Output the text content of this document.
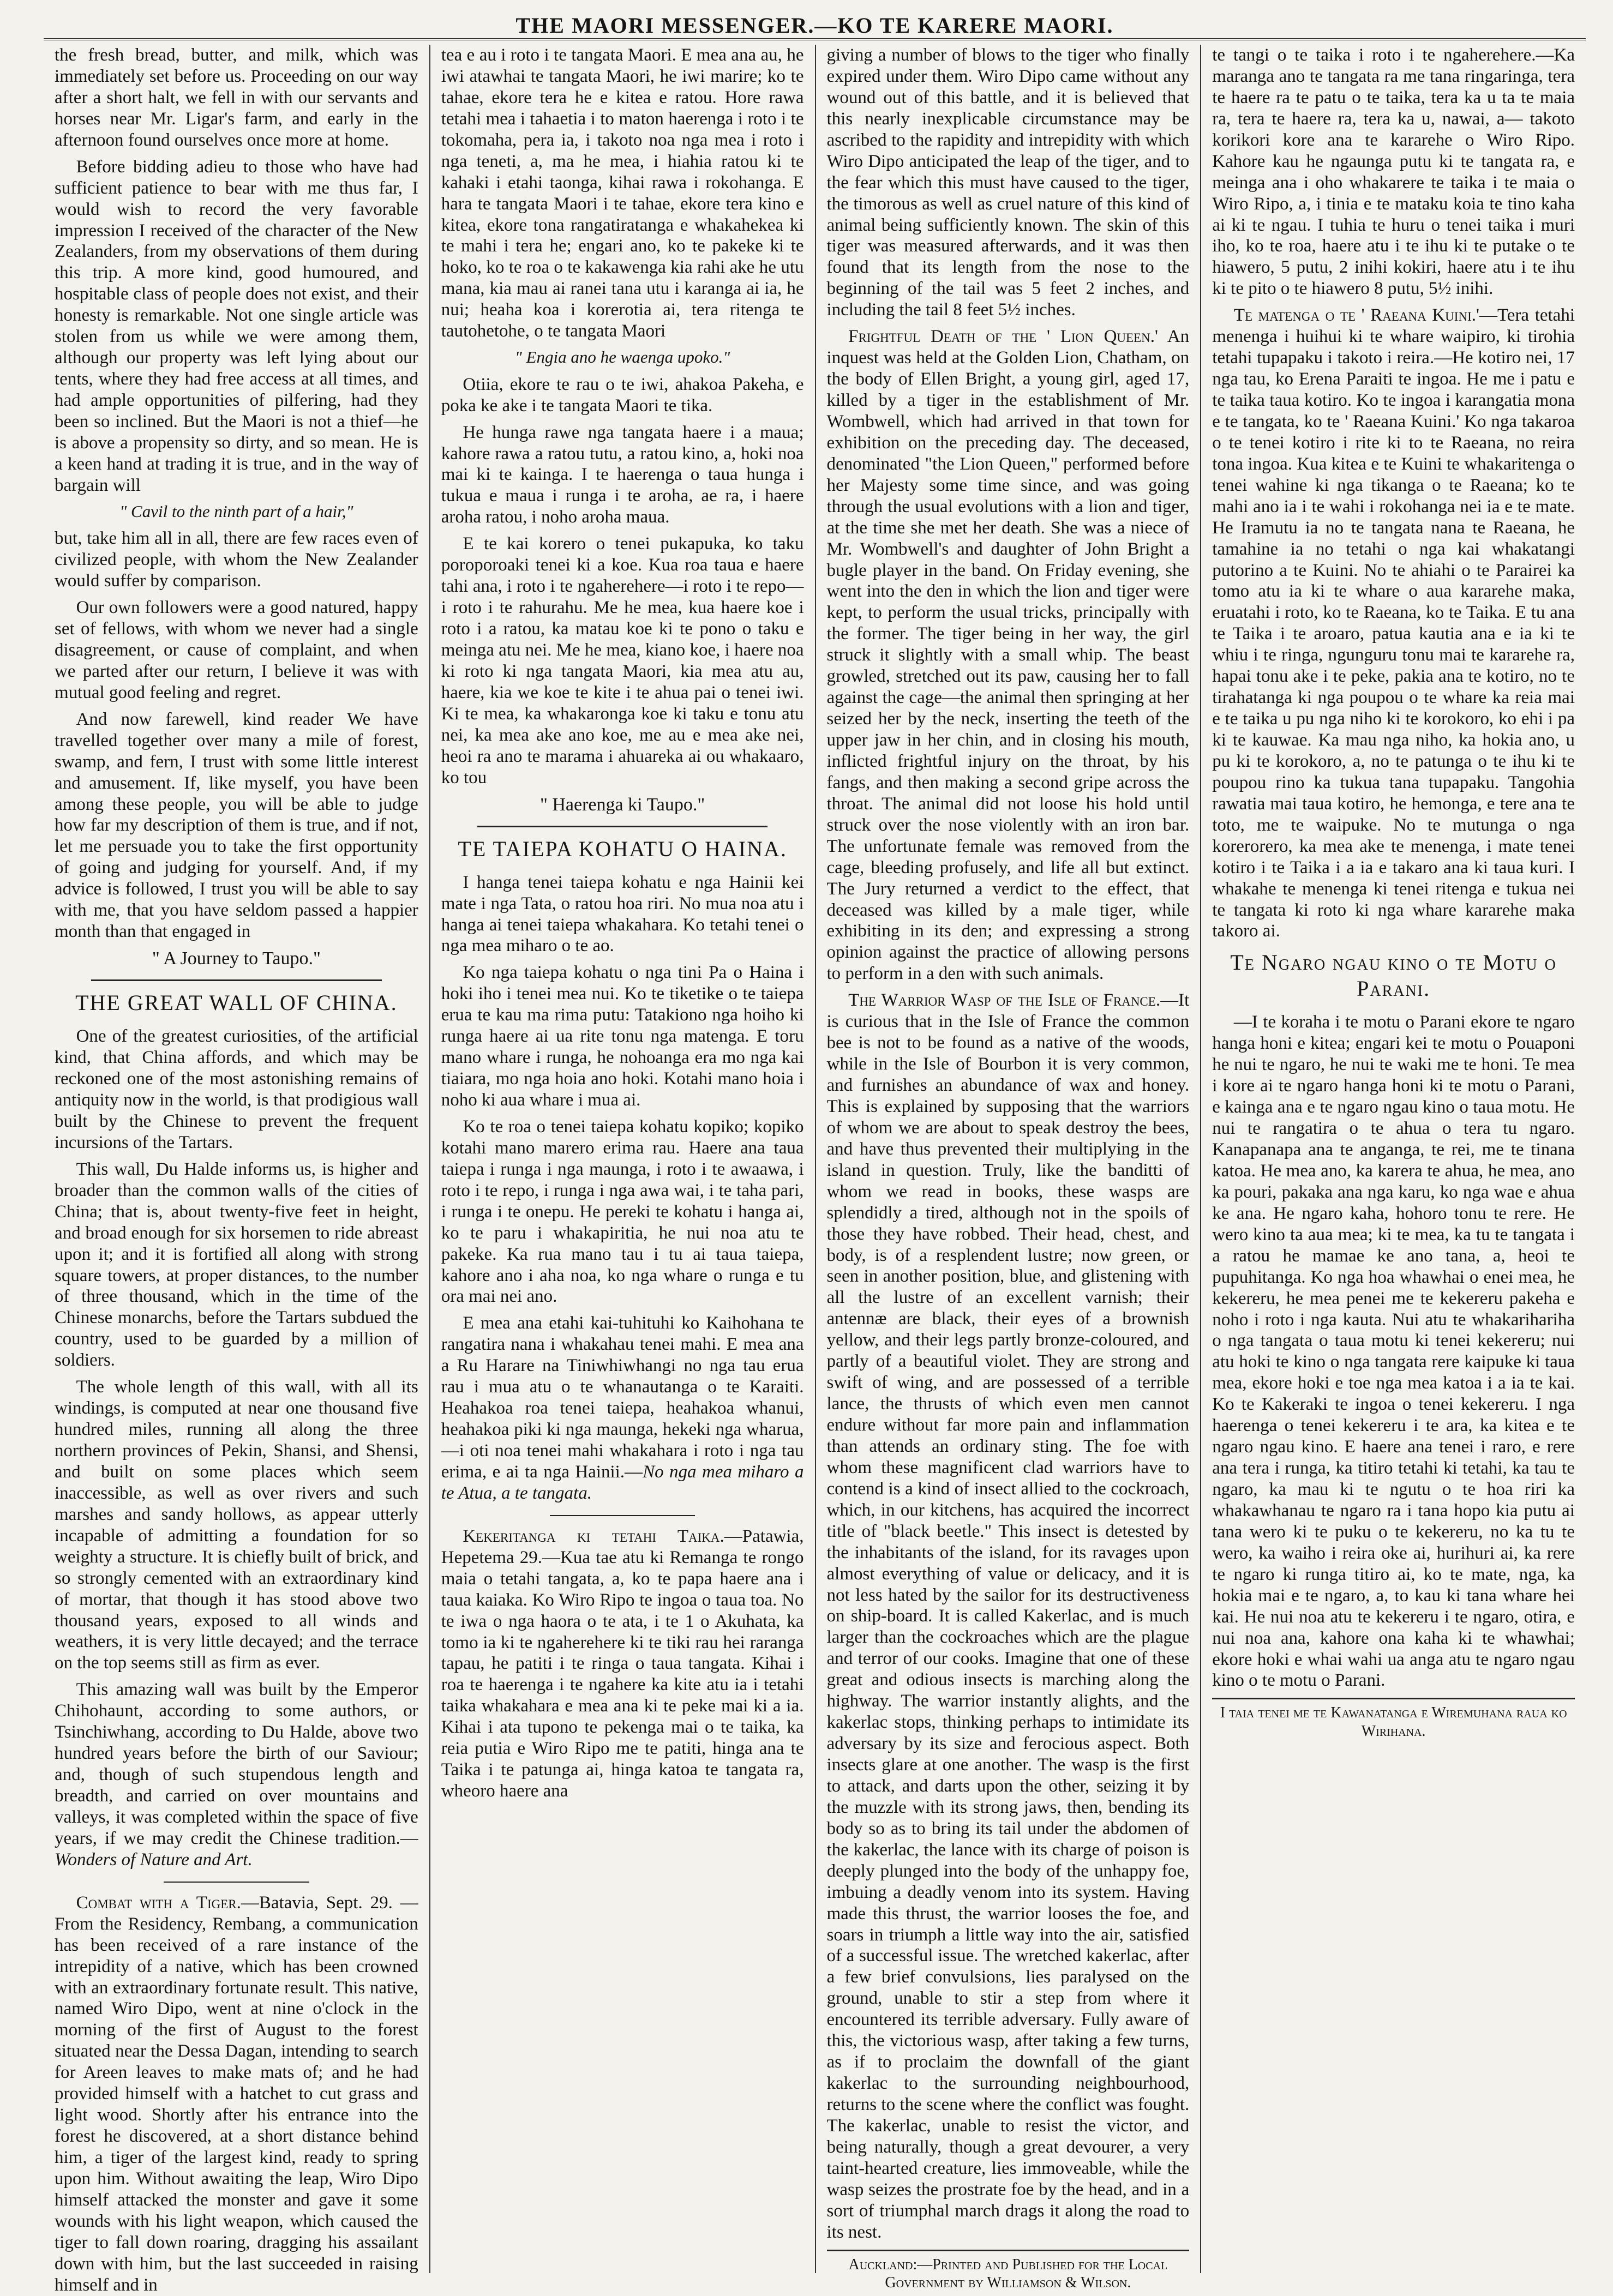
THE MAORI MESSENGER.—KO TE KARERE MAORI.

the fresh bread, butter, and milk, which was immediately set before us. Proceeding on our way after a short halt, we fell in with our servants and horses near Mr. Ligar's farm, and early in the afternoon found ourselves once more at home.

Before bidding adieu to those who have had sufficient patience to bear with me thus far, I would wish to record the very favorable impression I received of the character of the New Zealanders, from my observations of them during this trip. A more kind, good humoured, and hospitable class of people does not exist, and their honesty is remarkable. Not one single article was stolen from us while we were among them, although our property was left lying about our tents, where they had free access at all times, and had ample opportunities of pilfering, had they been so inclined. But the Maori is not a thief—he is above a propensity so dirty, and so mean. He is a keen hand at trading it is true, and in the way of bargain will

" Cavil to the ninth part of a hair,"

but, take him all in all, there are few races even of civilized people, with whom the New Zealander would suffer by comparison.

Our own followers were a good natured, happy set of fellows, with whom we never had a single disagreement, or cause of complaint, and when we parted after our return, I believe it was with mutual good feeling and regret.

And now farewell, kind reader We have travelled together over many a mile of forest, swamp, and fern, I trust with some little interest and amusement. If, like myself, you have been among these people, you will be able to judge how far my description of them is true, and if not, let me persuade you to take the first opportunity of going and judging for yourself. And, if my advice is followed, I trust you will be able to say with me, that you have seldom passed a happier month than that engaged in

" A Journey to Taupo."

THE GREAT WALL OF CHINA.

One of the greatest curiosities, of the artificial kind, that China affords, and which may be reckoned one of the most astonishing remains of antiquity now in the world, is that prodigious wall built by the Chinese to prevent the frequent incursions of the Tartars.

This wall, Du Halde informs us, is higher and broader than the common walls of the cities of China; that is, about twenty-five feet in height, and broad enough for six horsemen to ride abreast upon it; and it is fortified all along with strong square towers, at proper distances, to the number of three thousand, which in the time of the Chinese monarchs, before the Tartars subdued the country, used to be guarded by a million of soldiers.

The whole length of this wall, with all its windings, is computed at near one thousand five hundred miles, running all along the three northern provinces of Pekin, Shansi, and Shensi, and built on some places which seem inaccessible, as well as over rivers and such marshes and sandy hollows, as appear utterly incapable of admitting a foundation for so weighty a structure. It is chiefly built of brick, and so strongly cemented with an extraordinary kind of mortar, that though it has stood above two thousand years, exposed to all winds and weathers, it is very little decayed; and the terrace on the top seems still as firm as ever.

This amazing wall was built by the Emperor Chihohaunt, according to some authors, or Tsinchiwhang, according to Du Halde, above two hundred years before the birth of our Saviour; and, though of such stupendous length and breadth, and carried on over mountains and valleys, it was completed within the space of five years, if we may credit the Chinese tradition.—Wonders of Nature and Art.

Combat with a Tiger.—Batavia, Sept. 29. —From the Residency, Rembang, a communication has been received of a rare instance of the intrepidity of a native, which has been crowned with an extraordinary fortunate result. This native, named Wiro Dipo, went at nine o'clock in the morning of the first of August to the forest situated near the Dessa Dagan, intending to search for Areen leaves to make mats of; and he had provided himself with a hatchet to cut grass and light wood. Shortly after his entrance into the forest he discovered, at a short distance behind him, a tiger of the largest kind, ready to spring upon him. Without awaiting the leap, Wiro Dipo himself attacked the monster and gave it some wounds with his light weapon, which caused the tiger to fall down roaring, dragging his assailant down with him, but the last succeeded in raising himself and in

tea e au i roto i te tangata Maori. E mea ana au, he iwi atawhai te tangata Maori, he iwi marire; ko te tahae, ekore tera he e kitea e ratou. Hore rawa tetahi mea i tahaetia i to maton haerenga i roto i te tokomaha, pera ia, i takoto noa nga mea i roto i nga teneti, a, ma he mea, i hiahia ratou ki te kahaki i etahi taonga, kihai rawa i rokohanga. E hara te tangata Maori i te tahae, ekore tera kino e kitea, ekore tona rangatiratanga e whakahekea ki te mahi i tera he; engari ano, ko te pakeke ki te hoko, ko te roa o te kakawenga kia rahi ake he utu mana, kia mau ai ranei tana utu i karanga ai ia, he nui; heaha koa i korerotia ai, tera ritenga te tautohetohe, o te tangata Maori

" Engia ano he waenga upoko."

Otiia, ekore te rau o te iwi, ahakoa Pakeha, e poka ke ake i te tangata Maori te tika.

He hunga rawe nga tangata haere i a maua; kahore rawa a ratou tutu, a ratou kino, a, hoki noa mai ki te kainga. I te haerenga o taua hunga i tukua e maua i runga i te aroha, ae ra, i haere aroha ratou, i noho aroha maua.

E te kai korero o tenei pukapuka, ko taku poroporoaki tenei ki a koe. Kua roa taua e haere tahi ana, i roto i te ngaherehere—i roto i te repo—i roto i te rahurahu. Me he mea, kua haere koe i roto i a ratou, ka matau koe ki te pono o taku e meinga atu nei. Me he mea, kiano koe, i haere noa ki roto ki nga tangata Maori, kia mea atu au, haere, kia we koe te kite i te ahua pai o tenei iwi. Ki te mea, ka whakaronga koe ki taku e tonu atu nei, ka mea ake ano koe, me au e mea ake nei, heoi ra ano te marama i ahuareka ai ou whakaaro, ko tou

" Haerenga ki Taupo."

TE TAIEPA KOHATU O HAINA.

I hanga tenei taiepa kohatu e nga Hainii kei mate i nga Tata, o ratou hoa riri. No mua noa atu i hanga ai tenei taiepa whakahara. Ko tetahi tenei o nga mea miharo o te ao.

Ko nga taiepa kohatu o nga tini Pa o Haina i hoki iho i tenei mea nui. Ko te tiketike o te taiepa erua te kau ma rima putu: Tatakiono nga hoiho ki runga haere ai ua rite tonu nga matenga. E toru mano whare i runga, he nohoanga era mo nga kai tiaiara, mo nga hoia ano hoki. Kotahi mano hoia i noho ki aua whare i mua ai.

Ko te roa o tenei taiepa kohatu kopiko; kopiko kotahi mano marero erima rau. Haere ana taua taiepa i runga i nga maunga, i roto i te awaawa, i roto i te repo, i runga i nga awa wai, i te taha pari, i runga i te onepu. He pereki te kohatu i hanga ai, ko te paru i whakapiritia, he nui noa atu te pakeke. Ka rua mano tau i tu ai taua taiepa, kahore ano i aha noa, ko nga whare o runga e tu ora mai nei ano.

E mea ana etahi kai-tuhituhi ko Kaihohana te rangatira nana i whakahau tenei mahi. E mea ana a Ru Harare na Tiniwhiwhangi no nga tau erua rau i mua atu o te whanautanga o te Karaiti. Heahakoa roa tenei taiepa, heahakoa whanui, heahakoa piki ki nga maunga, hekeki nga wharua,—i oti noa tenei mahi whakahara i roto i nga tau erima, e ai ta nga Hainii.—No nga mea miharo a te Atua, a te tangata.

Kekeritanga ki tetahi Taika.—Patawia, Hepetema 29.—Kua tae atu ki Remanga te rongo maia o tetahi tangata, a, ko te papa haere ana i taua kaiaka. Ko Wiro Ripo te ingoa o taua toa. No te iwa o nga haora o te ata, i te 1 o Akuhata, ka tomo ia ki te ngaherehere ki te tiki rau hei raranga tapau, he patiti i te ringa o taua tangata. Kihai i roa te haerenga i te ngahere ka kite atu ia i tetahi taika whakahara e mea ana ki te peke mai ki a ia. Kihai i ata tupono te pekenga mai o te taika, ka reia putia e Wiro Ripo me te patiti, hinga ana te Taika i te patunga ai, hinga katoa te tangata ra, wheoro haere ana

giving a number of blows to the tiger who finally expired under them. Wiro Dipo came without any wound out of this battle, and it is believed that this nearly inexplicable circumstance may be ascribed to the rapidity and intrepidity with which Wiro Dipo anticipated the leap of the tiger, and to the fear which this must have caused to the tiger, the timorous as well as cruel nature of this kind of animal being sufficiently known. The skin of this tiger was measured afterwards, and it was then found that its length from the nose to the beginning of the tail was 5 feet 2 inches, and including the tail 8 feet 5½ inches.

Frightful Death of the ' Lion Queen.' An inquest was held at the Golden Lion, Chatham, on the body of Ellen Bright, a young girl, aged 17, killed by a tiger in the establishment of Mr. Wombwell, which had arrived in that town for exhibition on the preceding day. The deceased, denominated "the Lion Queen," performed before her Majesty some time since, and was going through the usual evolutions with a lion and tiger, at the time she met her death. She was a niece of Mr. Wombwell's and daughter of John Bright a bugle player in the band. On Friday evening, she went into the den in which the lion and tiger were kept, to perform the usual tricks, principally with the former. The tiger being in her way, the girl struck it slightly with a small whip. The beast growled, stretched out its paw, causing her to fall against the cage—the animal then springing at her seized her by the neck, inserting the teeth of the upper jaw in her chin, and in closing his mouth, inflicted frightful injury on the throat, by his fangs, and then making a second gripe across the throat. The animal did not loose his hold until struck over the nose violently with an iron bar. The unfortunate female was removed from the cage, bleeding profusely, and life all but extinct. The Jury returned a verdict to the effect, that deceased was killed by a male tiger, while exhibiting in its den; and expressing a strong opinion against the practice of allowing persons to perform in a den with such animals.

The Warrior Wasp of the Isle of France.—It is curious that in the Isle of France the common bee is not to be found as a native of the woods, while in the Isle of Bourbon it is very common, and furnishes an abundance of wax and honey. This is explained by supposing that the warriors of whom we are about to speak destroy the bees, and have thus prevented their multiplying in the island in question. Truly, like the banditti of whom we read in books, these wasps are splendidly a tired, although not in the spoils of those they have robbed. Their head, chest, and body, is of a resplendent lustre; now green, or seen in another position, blue, and glistening with all the lustre of an excellent varnish; their antennæ are black, their eyes of a brownish yellow, and their legs partly bronze-coloured, and partly of a beautiful violet. They are strong and swift of wing, and are possessed of a terrible lance, the thrusts of which even men cannot endure without far more pain and inflammation than attends an ordinary sting. The foe with whom these magnificent clad warriors have to contend is a kind of insect allied to the cockroach, which, in our kitchens, has acquired the incorrect title of "black beetle." This insect is detested by the inhabitants of the island, for its ravages upon almost everything of value or delicacy, and it is not less hated by the sailor for its destructiveness on ship-board. It is called Kakerlac, and is much larger than the cockroaches which are the plague and terror of our cooks. Imagine that one of these great and odious insects is marching along the highway. The warrior instantly alights, and the kakerlac stops, thinking perhaps to intimidate its adversary by its size and ferocious aspect. Both insects glare at one another. The wasp is the first to attack, and darts upon the other, seizing it by the muzzle with its strong jaws, then, bending its body so as to bring its tail under the abdomen of the kakerlac, the lance with its charge of poison is deeply plunged into the body of the unhappy foe, imbuing a deadly venom into its system. Having made this thrust, the warrior looses the foe, and soars in triumph a little way into the air, satisfied of a successful issue. The wretched kakerlac, after a few brief convulsions, lies paralysed on the ground, unable to stir a step from where it encountered its terrible adversary. Fully aware of this, the victorious wasp, after taking a few turns, as if to proclaim the downfall of the giant kakerlac to the surrounding neighbourhood, returns to the scene where the conflict was fought. The kakerlac, unable to resist the victor, and being naturally, though a great devourer, a very taint-hearted creature, lies immoveable, while the wasp seizes the prostrate foe by the head, and in a sort of triumphal march drags it along the road to its nest.

Auckland:—Printed and Published for the Local Government by Williamson & Wilson.

te tangi o te taika i roto i te ngaherehere.—Ka maranga ano te tangata ra me tana ringaringa, tera te haere ra te patu o te taika, tera ka u ta te maia ra, tera te haere ra, tera ka u, nawai, a— takoto korikori kore ana te kararehe o Wiro Ripo. Kahore kau he ngaunga putu ki te tangata ra, e meinga ana i oho whakarere te taika i te maia o Wiro Ripo, a, i tinia e te mataku koia te tino kaha ai ki te ngau. I tuhia te huru o tenei taika i muri iho, ko te roa, haere atu i te ihu ki te putake o te hiawero, 5 putu, 2 inihi kokiri, haere atu i te ihu ki te pito o te hiawero 8 putu, 5½ inihi.

Te matenga o te ' Raeana Kuini.'—Tera tetahi menenga i huihui ki te whare waipiro, ki tirohia tetahi tupapaku i takoto i reira.—He kotiro nei, 17 nga tau, ko Erena Paraiti te ingoa. He me i patu e te taika taua kotiro. Ko te ingoa i karangatia mona e te tangata, ko te ' Raeana Kuini.' Ko nga takaroa o te tenei kotiro i rite ki to te Raeana, no reira tona ingoa. Kua kitea e te Kuini te whakaritenga o tenei wahine ki nga tikanga o te Raeana; ko te mahi ano ia i te wahi i rokohanga nei ia e te mate. He Iramutu ia no te tangata nana te Raeana, he tamahine ia no tetahi o nga kai whakatangi putorino a te Kuini. No te ahiahi o te Parairei ka tomo atu ia ki te whare o aua kararehe maka, eruatahi i roto, ko te Raeana, ko te Taika. E tu ana te Taika i te aroaro, patua kautia ana e ia ki te whiu i te ringa, ngunguru tonu mai te kararehe ra, hapai tonu ake i te peke, pakia ana te kotiro, no te tirahatanga ki nga poupou o te whare ka reia mai e te taika u pu nga niho ki te korokoro, ko ehi i pa ki te kauwae. Ka mau nga niho, ka hokia ano, u pu ki te korokoro, a, no te patunga o te ihu ki te poupou rino ka tukua tana tupapaku. Tangohia rawatia mai taua kotiro, he hemonga, e tere ana te toto, me te waipuke. No te mutunga o nga korerorero, ka mea ake te menenga, i mate tenei kotiro i te Taika i a ia e takaro ana ki taua kuri. I whakahe te menenga ki tenei ritenga e tukua nei te tangata ki roto ki nga whare kararehe maka takoro ai.

Te Ngaro ngau kino o te Motu o Parani.

—I te koraha i te motu o Parani ekore te ngaro hanga honi e kitea; engari kei te motu o Pouaponi he nui te ngaro, he nui te waki me te honi. Te mea i kore ai te ngaro hanga honi ki te motu o Parani, e kainga ana e te ngaro ngau kino o taua motu. He nui te rangatira o te ahua o tera tu ngaro. Kanapanapa ana te anganga, te rei, me te tinana katoa. He mea ano, ka karera te ahua, he mea, ano ka pouri, pakaka ana nga karu, ko nga wae e ahua ke ana. He ngaro kaha, hohoro tonu te rere. He wero kino ta aua mea; ki te mea, ka tu te tangata i a ratou he mamae ke ano tana, a, heoi te pupuhitanga. Ko nga hoa whawhai o enei mea, he kekereru, he mea penei me te kekereru pakeha e noho i roto i nga kauta. Nui atu te whakarihariha o nga tangata o taua motu ki tenei kekereru; nui atu hoki te kino o nga tangata rere kaipuke ki taua mea, ekore hoki e toe nga mea katoa i a ia te kai. Ko te Kakeraki te ingoa o tenei kekereru. I nga haerenga o tenei kekereru i te ara, ka kitea e te ngaro ngau kino. E haere ana tenei i raro, e rere ana tera i runga, ka titiro tetahi ki tetahi, ka tau te ngaro, ka mau ki te ngutu o te hoa riri ka whakawhanau te ngaro ra i tana hopo kia putu ai tana wero ki te puku o te kekereru, no ka tu te wero, ka waiho i reira oke ai, hurihuri ai, ka rere te ngaro ki runga titiro ai, ko te mate, nga, ka hokia mai e te ngaro, a, to kau ki tana whare hei kai. He nui noa atu te kekereru i te ngaro, otira, e nui noa ana, kahore ona kaha ki te whawhai; ekore hoki e whai wahi ua anga atu te ngaro ngau kino o te motu o Parani.

I taia tenei me te Kawanatanga e Wiremuhana raua ko Wirihana.
